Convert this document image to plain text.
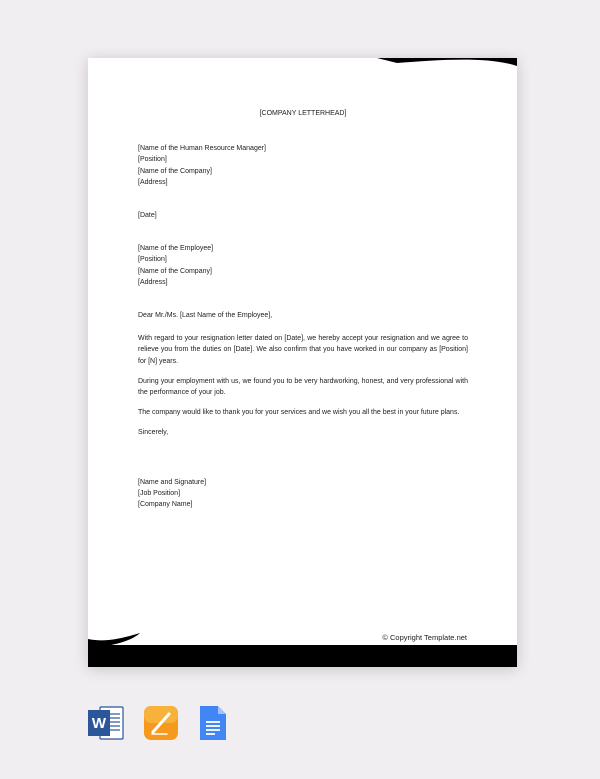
[COMPANY LETTERHEAD]
[Name of the Human Resource Manager]
[Position]
[Name of the Company]
[Address]
[Date]
[Name of the Employee]
[Position]
[Name of the Company]
[Address]
Dear Mr./Ms. [Last Name of the Employee],
With regard to your resignation letter dated on [Date], we hereby accept your resignation and we agree to relieve you from the duties on [Date]. We also confirm that you have worked in our company as [Position] for [N] years.
During your employment with us, we found you to be very hardworking, honest, and very professional with the performance of your job.
The company would like to thank you for your services and we wish you all the best in your future plans.
Sincerely,
[Name and Signature]
[Job Position]
[Company Name]
© Copyright Template.net
W
